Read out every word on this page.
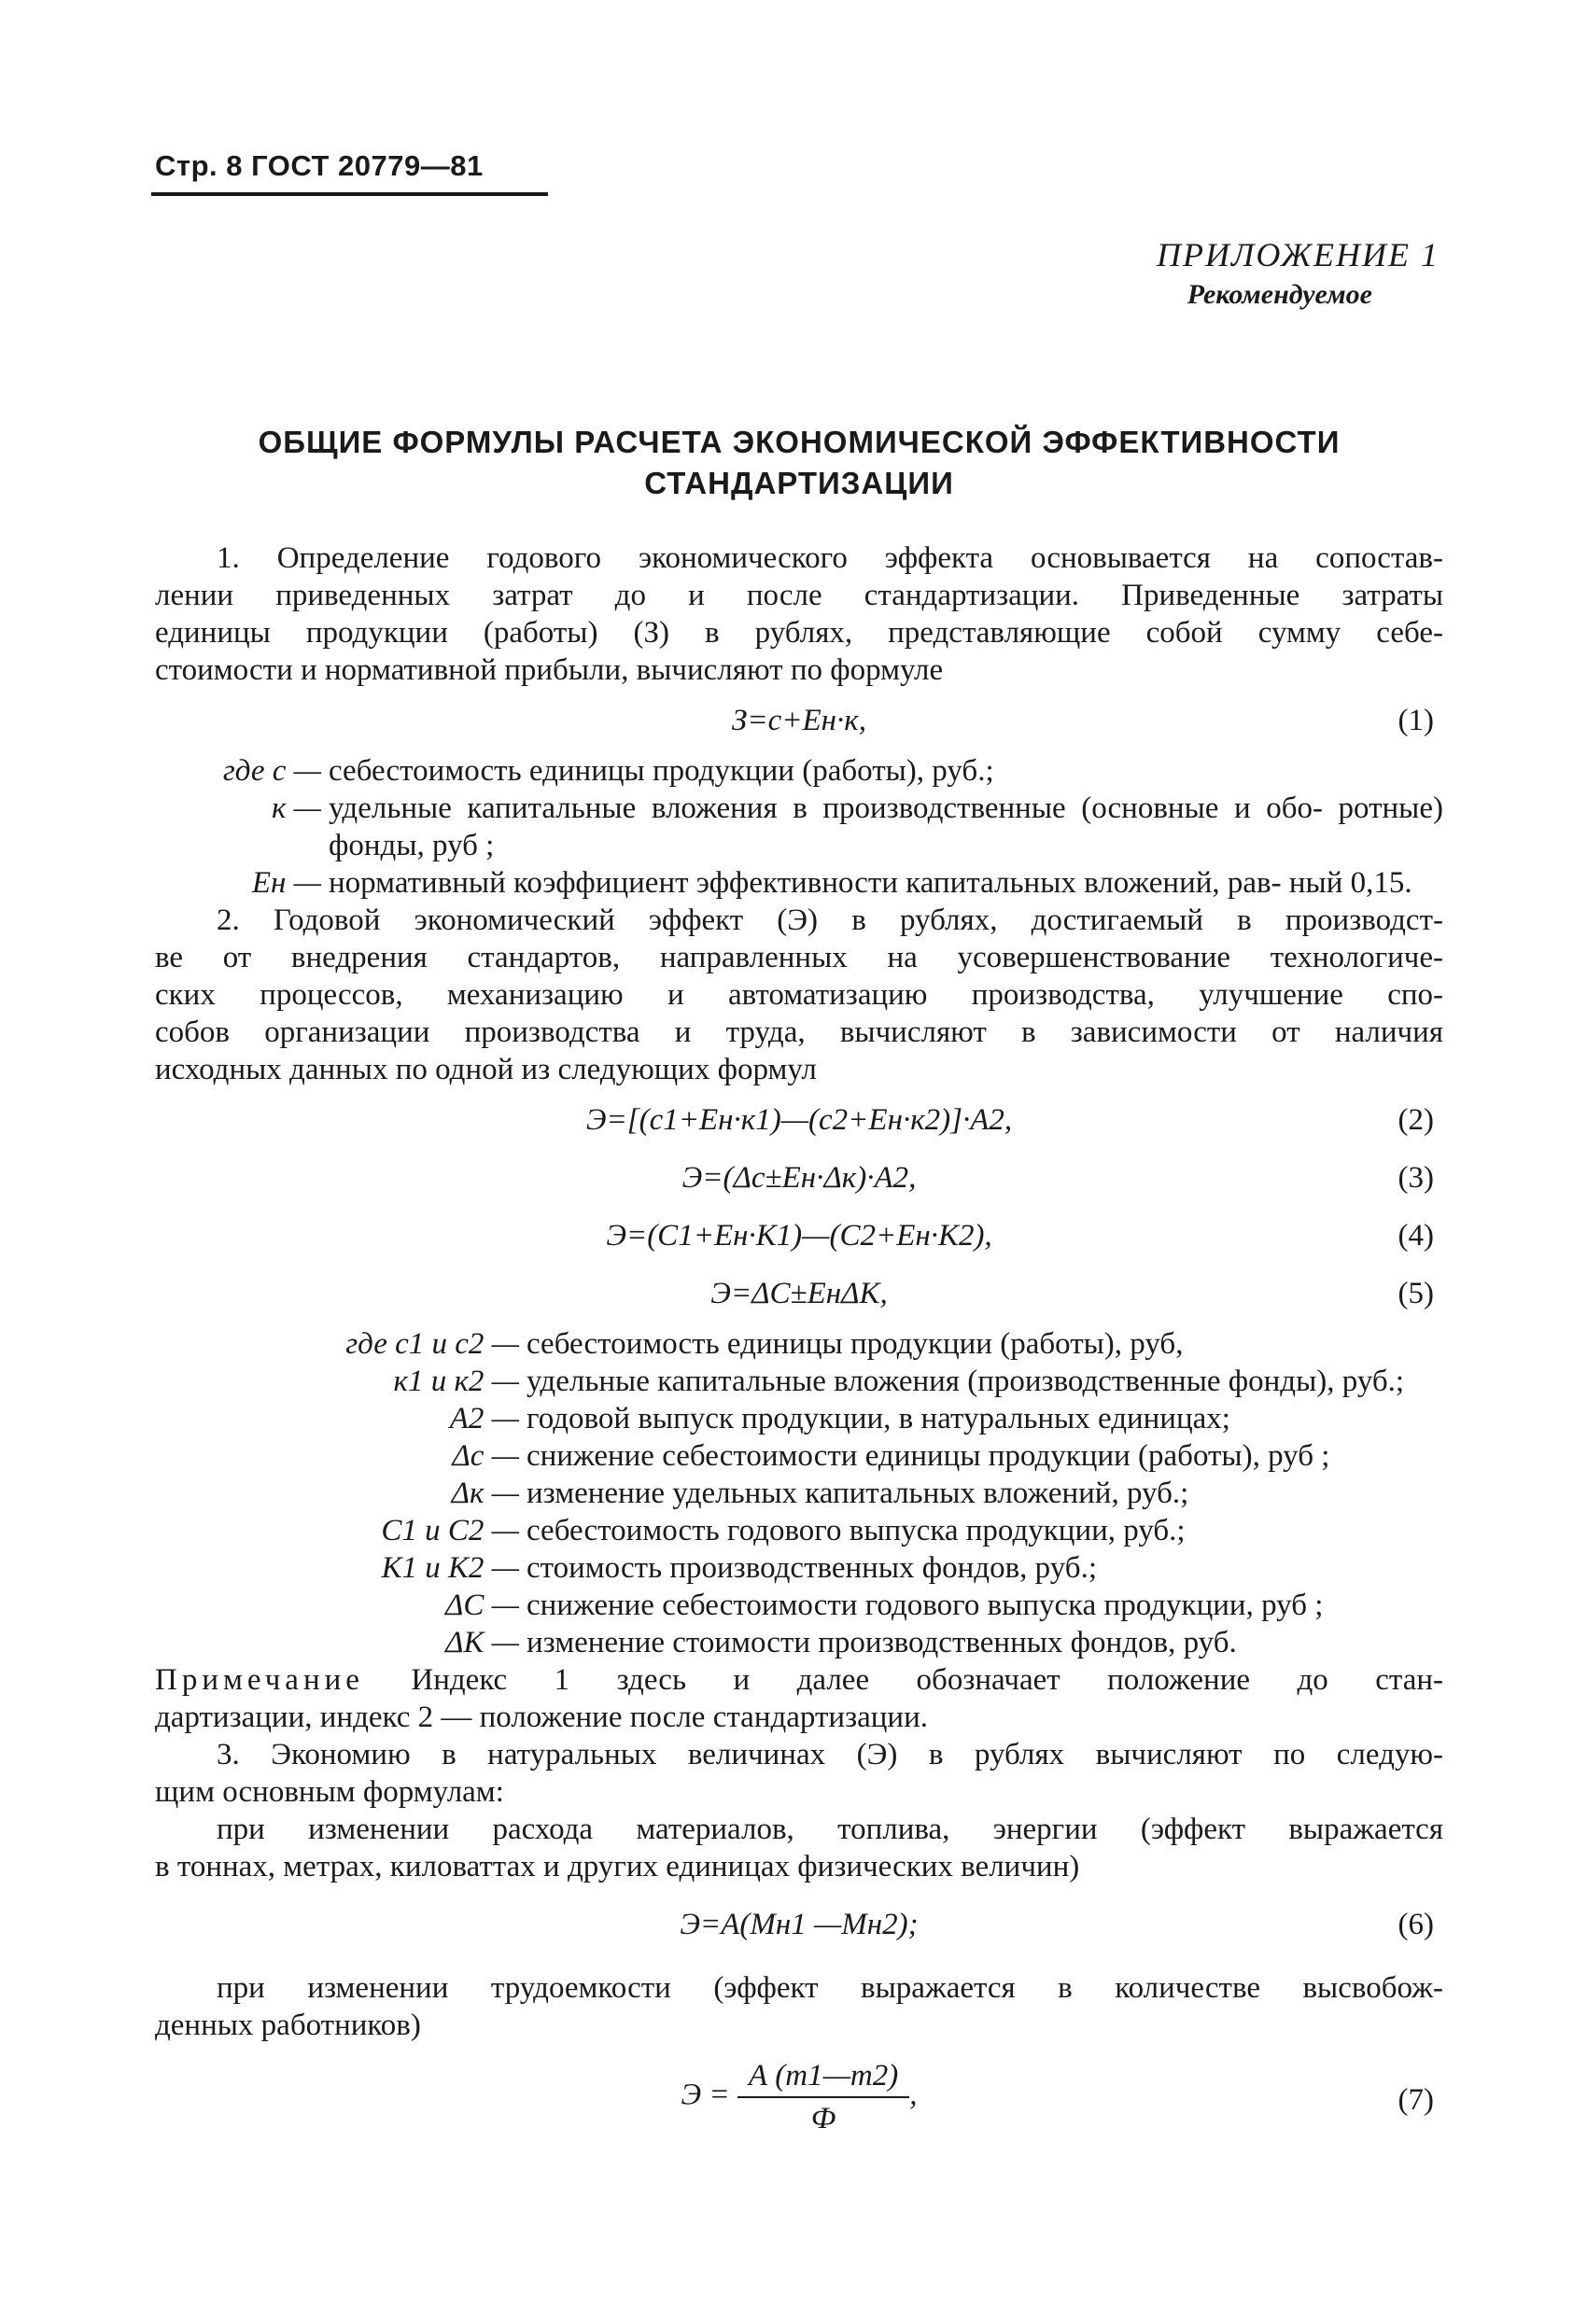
Стр. 8 ГОСТ 20779—81
ПРИЛОЖЕНИЕ 1
Рекомендуемое
ОБЩИЕ ФОРМУЛЫ РАСЧЕТА ЭКОНОМИЧЕСКОЙ ЭФФЕКТИВНОСТИ
СТАНДАРТИЗАЦИИ
1. Определение годового экономического эффекта основывается на сопостав-
лении приведенных затрат до и после стандартизации. Приведенные затраты
единицы продукции (работы) (З) в рублях, представляющие собой сумму себе-
стоимости и нормативной прибыли, вычисляют по формуле
З=с+Ен·к,	(1)
где с — себестоимость единицы продукции (работы), руб.;
к — удельные капитальные вложения в производственные (основные и обо- ротные) фонды, руб ;
Ен — нормативный коэффициент эффективности капитальных вложений, рав- ный 0,15.
2. Годовой экономический эффект (Э) в рублях, достигаемый в производст-
ве от внедрения стандартов, направленных на усовершенствование технологиче-
ских процессов, механизацию и автоматизацию производства, улучшение спо-
собов организации производства и труда, вычисляют в зависимости от наличия
исходных данных по одной из следующих формул
Э=[(с1+Ен·к1)—(с2+Ен·к2)]·А2,	(2)
Э=(Δс±Ен·Δк)·А2,	(3)
Э=(С1+Ен·К1)—(С2+Ен·К2),	(4)
Э=ΔС±ЕнΔК,	(5)
где с1 и с2 — себестоимость единицы продукции (работы), руб,
к1 и к2 — удельные капитальные вложения (производственные фонды), руб.;
А2 — годовой выпуск продукции, в натуральных единицах;
Δс — снижение себестоимости единицы продукции (работы), руб ;
Δк — изменение удельных капитальных вложений, руб.;
С1 и С2 — себестоимость годового выпуска продукции, руб.;
К1 и К2 — стоимость производственных фондов, руб.;
ΔС — снижение себестоимости годового выпуска продукции, руб ;
ΔК — изменение стоимости производственных фондов, руб.
Примечание Индекс 1 здесь и далее обозначает положение до стан-
дартизации, индекс 2 — положение после стандартизации.
3. Экономию в натуральных величинах (Э) в рублях вычисляют по следую-
щим основным формулам:
при изменении расхода материалов, топлива, энергии (эффект выражается
в тоннах, метрах, киловаттах и других единицах физических величин)
Э=А(Мн1 —Мн2);	(6)
при изменении трудоемкости (эффект выражается в количестве высвобож-
денных работников)
$Э = \frac{А (т1—т2)}{Ф}$ ,	(7)
